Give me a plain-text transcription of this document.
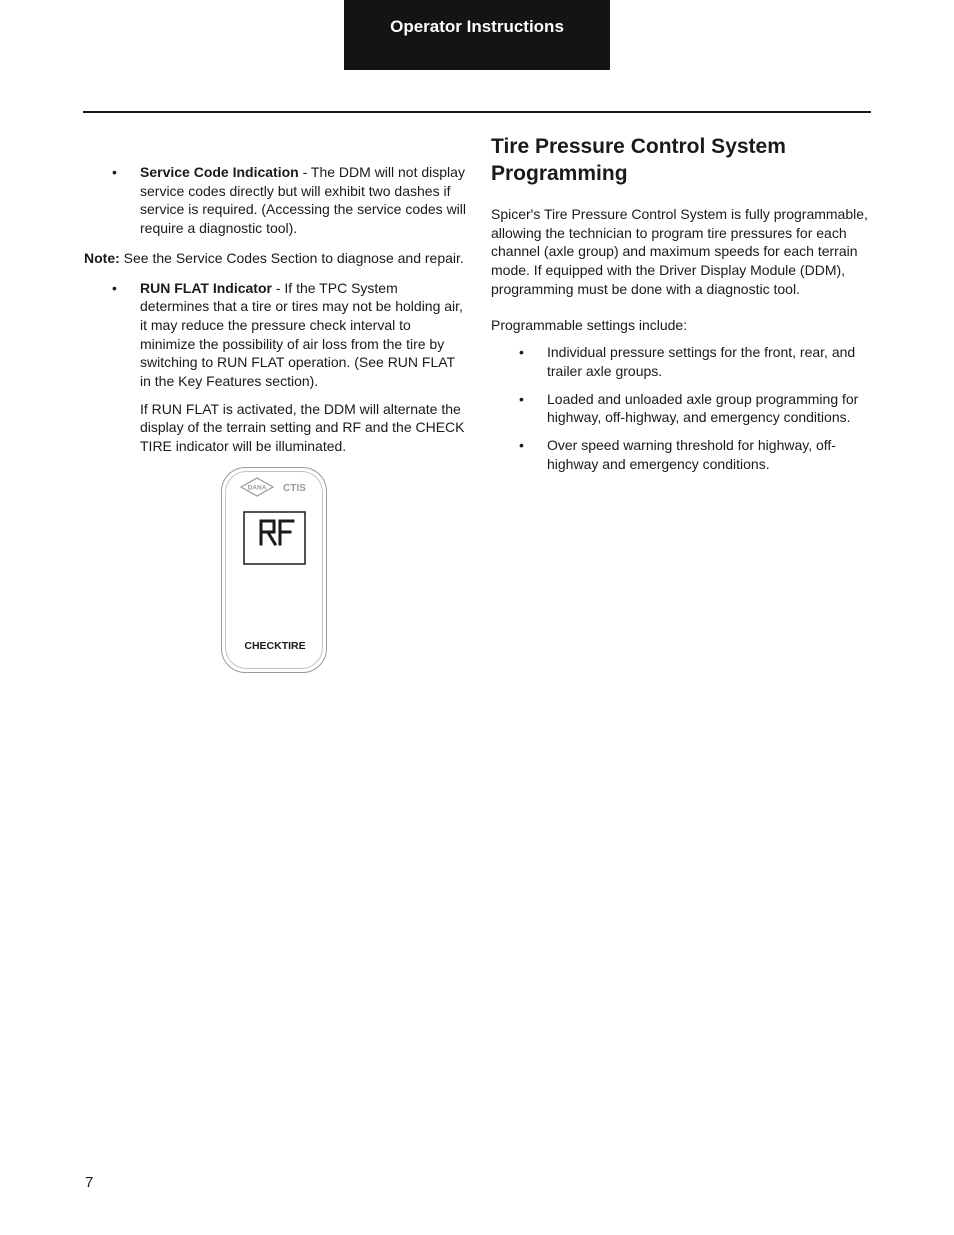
Operator Instructions
• Service Code Indication - The DDM will not display service codes directly but will exhibit two dashes if service is required. (Accessing the service codes will require a diagnostic tool).
Note: See the Service Codes Section to diagnose and repair.
• RUN FLAT Indicator - If the TPC System determines that a tire or tires may not be holding air, it may reduce the pressure check interval to minimize the possibility of air loss from the tire by switching to RUN FLAT operation. (See RUN FLAT in the Key Features section).
If RUN FLAT is activated, the DDM will alternate the display of the terrain setting and RF and the CHECK TIRE indicator will be illuminated.
DANA CTIS
CHECKTIRE
Tire Pressure Control System Programming
Spicer's Tire Pressure Control System is fully programmable, allowing the technician to program tire pressures for each channel (axle group) and maximum speeds for each terrain mode. If equipped with the Driver Display Module (DDM), programming must be done with a diagnostic tool.
Programmable settings include:
• Individual pressure settings for the front, rear, and trailer axle groups.
• Loaded and unloaded axle group programming for highway, off-highway, and emergency conditions.
• Over speed warning threshold for highway, off-highway and emergency conditions.
7
